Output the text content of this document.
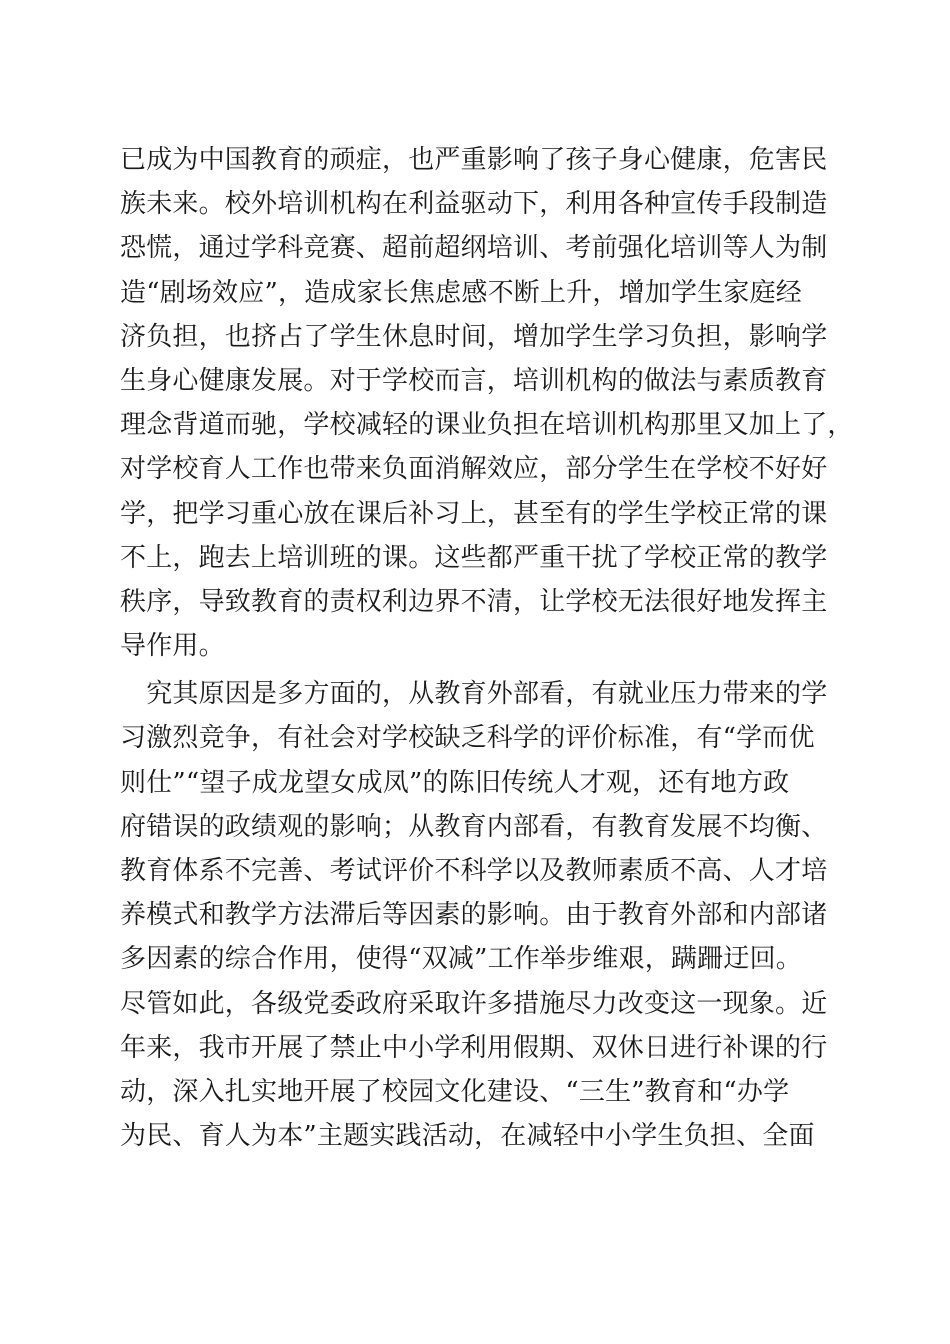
已成为中国教育的顽症，也严重影响了孩子身心健康，危害民
族未来。校外培训机构在利益驱动下，利用各种宣传手段制造
恐慌，通过学科竞赛、超前超纲培训、考前强化培训等人为制
造“剧场效应”，造成家长焦虑感不断上升，增加学生家庭经
济负担，也挤占了学生休息时间，增加学生学习负担，影响学
生身心健康发展。对于学校而言，培训机构的做法与素质教育
理念背道而驰，学校减轻的课业负担在培训机构那里又加上了，
对学校育人工作也带来负面消解效应，部分学生在学校不好好
学，把学习重心放在课后补习上，甚至有的学生学校正常的课
不上，跑去上培训班的课。这些都严重干扰了学校正常的教学
秩序，导致教育的责权利边界不清，让学校无法很好地发挥主
导作用。
　究其原因是多方面的，从教育外部看，有就业压力带来的学
习激烈竞争，有社会对学校缺乏科学的评价标准，有“学而优
则仕”“望子成龙望女成凤”的陈旧传统人才观，还有地方政
府错误的政绩观的影响；从教育内部看，有教育发展不均衡、
教育体系不完善、考试评价不科学以及教师素质不高、人才培
养模式和教学方法滞后等因素的影响。由于教育外部和内部诸
多因素的综合作用，使得“双减”工作举步维艰，蹒跚迂回。
尽管如此，各级党委政府采取许多措施尽力改变这一现象。近
年来，我市开展了禁止中小学利用假期、双休日进行补课的行
动，深入扎实地开展了校园文化建设、“三生”教育和“办学
为民、育人为本”主题实践活动，在减轻中小学生负担、全面
